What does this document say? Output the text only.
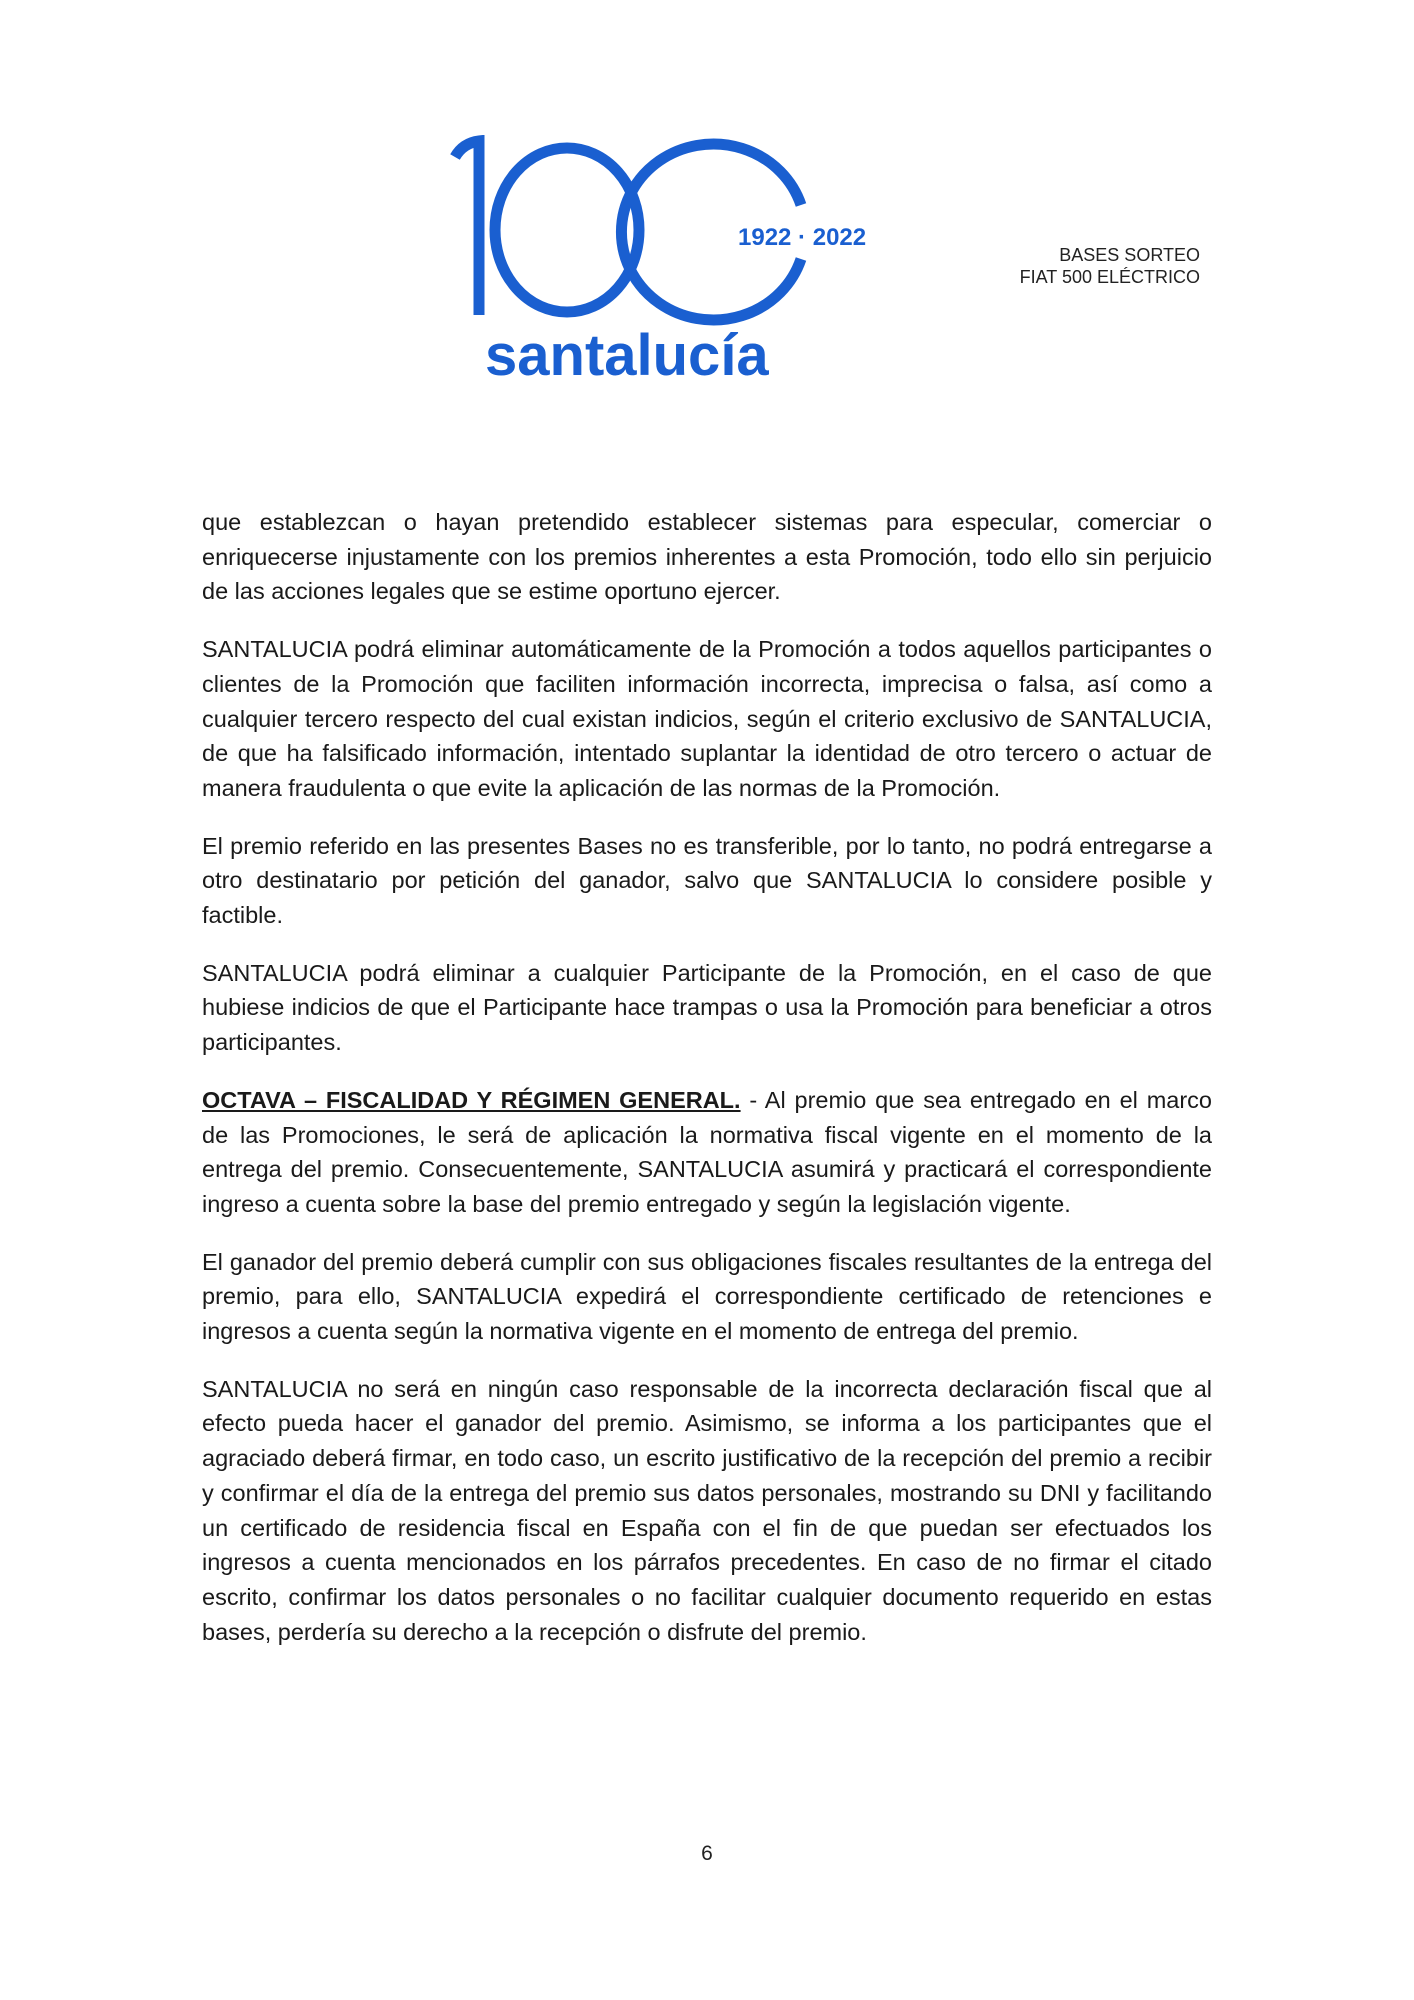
1922 · 2022
santalucía
BASES SORTEO
FIAT 500 ELÉCTRICO

que establezcan o hayan pretendido establecer sistemas para especular, comerciar o enriquecerse injustamente con los premios inherentes a esta Promoción, todo ello sin perjuicio de las acciones legales que se estime oportuno ejercer.

SANTALUCIA podrá eliminar automáticamente de la Promoción a todos aquellos participantes o clientes de la Promoción que faciliten información incorrecta, imprecisa o falsa, así como a cualquier tercero respecto del cual existan indicios, según el criterio exclusivo de SANTALUCIA, de que ha falsificado información, intentado suplantar la identidad de otro tercero o actuar de manera fraudulenta o que evite la aplicación de las normas de la Promoción.

El premio referido en las presentes Bases no es transferible, por lo tanto, no podrá entregarse a otro destinatario por petición del ganador, salvo que SANTALUCIA lo considere posible y factible.

SANTALUCIA podrá eliminar a cualquier Participante de la Promoción, en el caso de que hubiese indicios de que el Participante hace trampas o usa la Promoción para beneficiar a otros participantes.

OCTAVA – FISCALIDAD Y RÉGIMEN GENERAL. - Al premio que sea entregado en el marco de las Promociones, le será de aplicación la normativa fiscal vigente en el momento de la entrega del premio. Consecuentemente, SANTALUCIA asumirá y practicará el correspondiente ingreso a cuenta sobre la base del premio entregado y según la legislación vigente.

El ganador del premio deberá cumplir con sus obligaciones fiscales resultantes de la entrega del premio, para ello, SANTALUCIA expedirá el correspondiente certificado de retenciones e ingresos a cuenta según la normativa vigente en el momento de entrega del premio.

SANTALUCIA no será en ningún caso responsable de la incorrecta declaración fiscal que al efecto pueda hacer el ganador del premio. Asimismo, se informa a los participantes que el agraciado deberá firmar, en todo caso, un escrito justificativo de la recepción del premio a recibir y confirmar el día de la entrega del premio sus datos personales, mostrando su DNI y facilitando un certificado de residencia fiscal en España con el fin de que puedan ser efectuados los ingresos a cuenta mencionados en los párrafos precedentes. En caso de no firmar el citado escrito, confirmar los datos personales o no facilitar cualquier documento requerido en estas bases, perdería su derecho a la recepción o disfrute del premio.

6
